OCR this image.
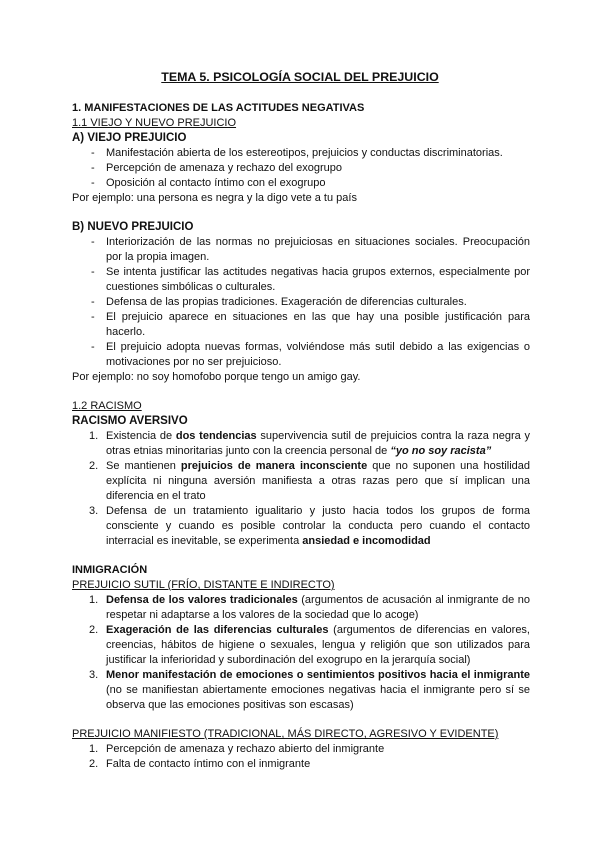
TEMA 5. PSICOLOGÍA SOCIAL DEL PREJUICIO
1. MANIFESTACIONES DE LAS ACTITUDES NEGATIVAS
1.1 VIEJO Y NUEVO PREJUICIO
A) VIEJO PREJUICIO
- Manifestación abierta de los estereotipos, prejuicios y conductas discriminatorias.
- Percepción de amenaza y rechazo del exogrupo
- Oposición al contacto íntimo con el exogrupo
Por ejemplo: una persona es negra y la digo vete a tu país
B) NUEVO PREJUICIO
- Interiorización de las normas no prejuiciosas en situaciones sociales. Preocupación por la propia imagen.
- Se intenta justificar las actitudes negativas hacia grupos externos, especialmente por cuestiones simbólicas o culturales.
- Defensa de las propias tradiciones. Exageración de diferencias culturales.
- El prejuicio aparece en situaciones en las que hay una posible justificación para hacerlo.
- El prejuicio adopta nuevas formas, volviéndose más sutil debido a las exigencias o motivaciones por no ser prejuicioso.
Por ejemplo: no soy homofobo porque tengo un amigo gay.
1.2 RACISMO
RACISMO AVERSIVO
1. Existencia de dos tendencias supervivencia sutil de prejuicios contra la raza negra y otras etnias minoritarias junto con la creencia personal de “yo no soy racista”
2. Se mantienen prejuicios de manera inconsciente que no suponen una hostilidad explícita ni ninguna aversión manifiesta a otras razas pero que sí implican una diferencia en el trato
3. Defensa de un tratamiento igualitario y justo hacia todos los grupos de forma consciente y cuando es posible controlar la conducta pero cuando el contacto interracial es inevitable, se experimenta ansiedad e incomodidad
INMIGRACIÓN
PREJUICIO SUTIL (FRÍO, DISTANTE E INDIRECTO)
1. Defensa de los valores tradicionales (argumentos de acusación al inmigrante de no respetar ni adaptarse a los valores de la sociedad que lo acoge)
2. Exageración de las diferencias culturales (argumentos de diferencias en valores, creencias, hábitos de higiene o sexuales, lengua y religión que son utilizados para justificar la inferioridad y subordinación del exogrupo en la jerarquía social)
3. Menor manifestación de emociones o sentimientos positivos hacia el inmigrante (no se manifiestan abiertamente emociones negativas hacia el inmigrante pero sí se observa que las emociones positivas son escasas)
PREJUICIO MANIFIESTO (TRADICIONAL, MÁS DIRECTO, AGRESIVO Y EVIDENTE)
1. Percepción de amenaza y rechazo abierto del inmigrante
2. Falta de contacto íntimo con el inmigrante
